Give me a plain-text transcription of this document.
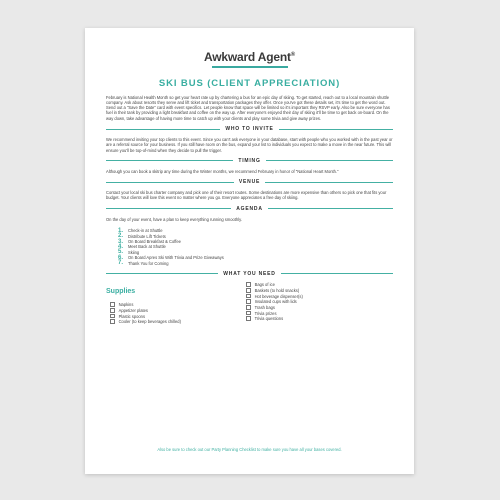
Awkward Agent®
SKI BUS (CLIENT APPRECIATION)

February is National Health Month so get your heart rate up by chartering a bus for an epic day of skiing. To get started, reach out to a local mountain shuttle company. Ask about resorts they serve and lift ticket and transportation packages they offer. Once you've got these details set, it's time to get the word out. Send out a "Save the Date" card with event specifics. Let people know that space will be limited so it's important they RSVP early. Also be sure everyone has fuel in their tank by providing a light breakfast and coffee on the way up. After everyone's enjoyed their day of skiing it'll be time to get back on-board. On the way down, take advantage of having more time to catch up with your clients and play some trivia and give away prizes.

WHO TO INVITE

We recommend inviting your top clients to this event. Since you can't ask everyone in your database, start with people who you worked with in the past year or are a referral source for your business. If you still have room on the bus, expand your list to individuals you expect to make a move in the near future. This will ensure you'll be top-of-mind when they decide to pull the trigger.

TIMING

Although you can book a skitrip any time during the Winter months, we recommend February in honor of "National Heart Month."

VENUE

Contact your local ski bus charter company and pick one of their resort routes. Some destinations are more expensive than others so pick one that fits your budget. Your clients will love this event no matter where you go. Everyone appreciates a free day of skiing.

AGENDA

On the day of your event, have a plan to keep everything running smoothly.

1.	Check-in at Shuttle
2.	Distribute Lift Tickets
3.	On Board Breakfast & Coffee
4.	Meet Back at Shuttle
5.	Skiing
6.	On Board Apres Ski With Trivia and Prize Giveaways
7.	Thank You for Coming
WHAT YOU NEED
Supplies
Napkins
Appetizer plates
Plastic spoons
Cooler (to keep beverages chilled)
Bags of ice
Baskets (to hold snacks)
Hot beverage dispenser(s)
Insulated cups with lids
Trash bags
Trivia prizes
Trivia questions
Also be sure to check out our Party Planning Checklist to make sure you have all your bases covered.
